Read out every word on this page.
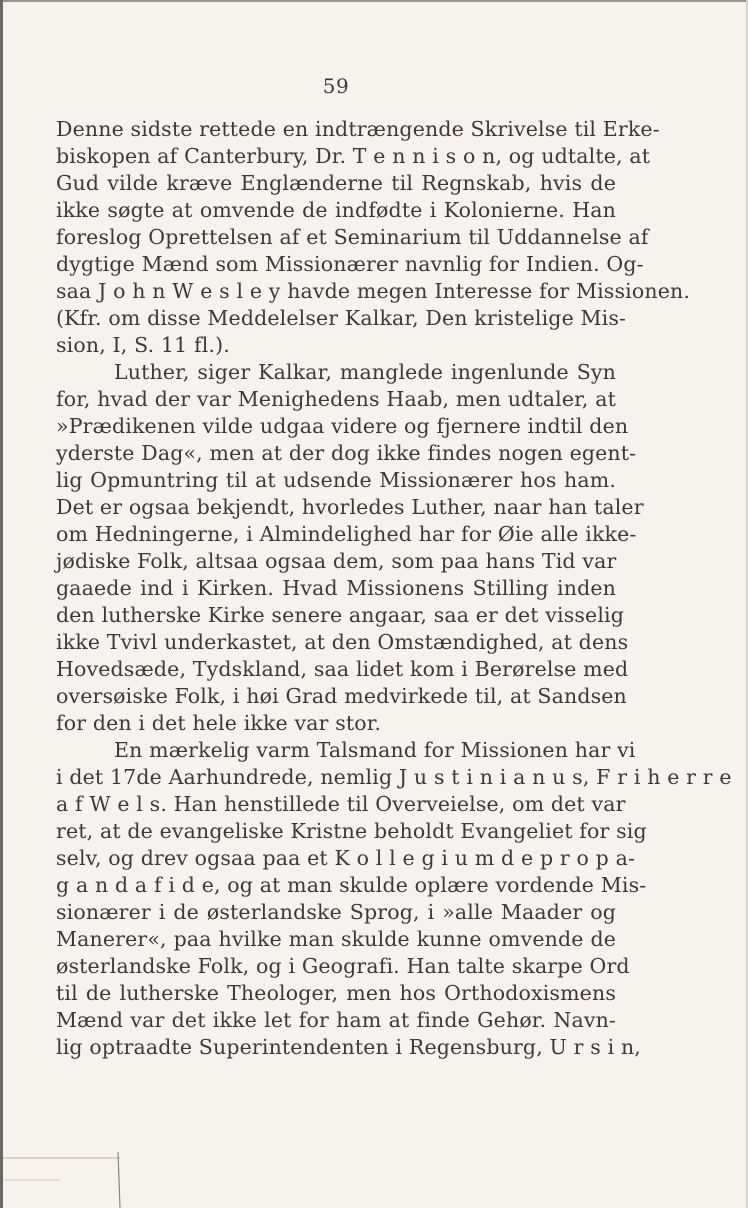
59
Denne sidste rettede en indtrængende Skrivelse til Erke-
biskopen af Canterbury, Dr. T e n n i s o n, og udtalte, at
Gud vilde kræve Englænderne til Regnskab, hvis de
ikke søgte at omvende de indfødte i Kolonierne. Han
foreslog Oprettelsen af et Seminarium til Uddannelse af
dygtige Mænd som Missionærer navnlig for Indien. Og-
saa J o h n W e s l e y havde megen Interesse for Missionen.
(Kfr. om disse Meddelelser Kalkar, Den kristelige Mis-
sion, I, S. 11 fl.).
Luther, siger Kalkar, manglede ingenlunde Syn
for, hvad der var Menighedens Haab, men udtaler, at
»Prædikenen vilde udgaa videre og fjernere indtil den
yderste Dag«, men at der dog ikke findes nogen egent-
lig Opmuntring til at udsende Missionærer hos ham.
Det er ogsaa bekjendt, hvorledes Luther, naar han taler
om Hedningerne, i Almindelighed har for Øie alle ikke-
jødiske Folk, altsaa ogsaa dem, som paa hans Tid var
gaaede ind i Kirken. Hvad Missionens Stilling inden
den lutherske Kirke senere angaar, saa er det visselig
ikke Tvivl underkastet, at den Omstændighed, at dens
Hovedsæde, Tydskland, saa lidet kom i Berørelse med
oversøiske Folk, i høi Grad medvirkede til, at Sandsen
for den i det hele ikke var stor.
En mærkelig varm Talsmand for Missionen har vi
i det 17de Aarhundrede, nemlig J u s t i n i a n u s, F r i h e r r e
a f W e l s. Han henstillede til Overveielse, om det var
ret, at de evangeliske Kristne beholdt Evangeliet for sig
selv, og drev ogsaa paa et K o l l e g i u m d e p r o p a-
g a n d a f i d e, og at man skulde oplære vordende Mis-
sionærer i de østerlandske Sprog, i »alle Maader og
Manerer«, paa hvilke man skulde kunne omvende de
østerlandske Folk, og i Geografi. Han talte skarpe Ord
til de lutherske Theologer, men hos Orthodoxismens
Mænd var det ikke let for ham at finde Gehør. Navn-
lig optraadte Superintendenten i Regensburg, U r s i n,
